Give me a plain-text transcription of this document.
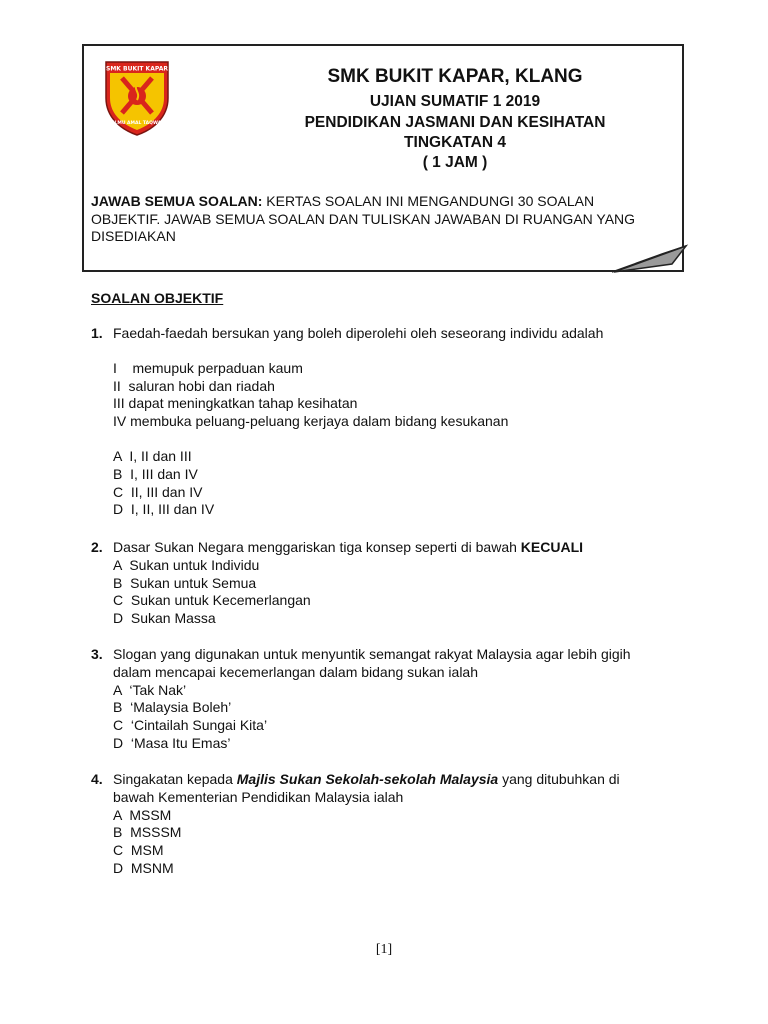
SMK BUKIT KAPAR
ILMU AMAL TAQWA
SMK BUKIT KAPAR, KLANG
UJIAN SUMATIF 1 2019
PENDIDIKAN JASMANI DAN KESIHATAN
TINGKATAN 4
( 1 JAM )
JAWAB SEMUA SOALAN: KERTAS SOALAN INI MENGANDUNGI 30 SOALAN OBJEKTIF. JAWAB SEMUA SOALAN DAN TULISKAN JAWABAN DI RUANGAN YANG DISEDIAKAN
SOALAN OBJEKTIF
1. Faedah-faedah bersukan yang boleh diperolehi oleh seseorang individu adalah
I    memupuk perpaduan kaum
II  saluran hobi dan riadah
III dapat meningkatkan tahap kesihatan
IV membuka peluang-peluang kerjaya dalam bidang kesukanan
A  I, II dan III
B  I, III dan IV
C  II, III dan IV
D  I, II, III dan IV
2. Dasar Sukan Negara menggariskan tiga konsep seperti di bawah KECUALI
A  Sukan untuk Individu
B  Sukan untuk Semua
C  Sukan untuk Kecemerlangan
D  Sukan Massa
3. Slogan yang digunakan untuk menyuntik semangat rakyat Malaysia agar lebih gigih
dalam mencapai kecemerlangan dalam bidang sukan ialah
A  ‘Tak Nak’
B  ‘Malaysia Boleh’
C  ‘Cintailah Sungai Kita’
D  ‘Masa Itu Emas’
4. Singakatan kepada Majlis Sukan Sekolah-sekolah Malaysia yang ditubuhkan di
bawah Kementerian Pendidikan Malaysia ialah
A  MSSM
B  MSSSM
C  MSM
D  MSNM
[1]
